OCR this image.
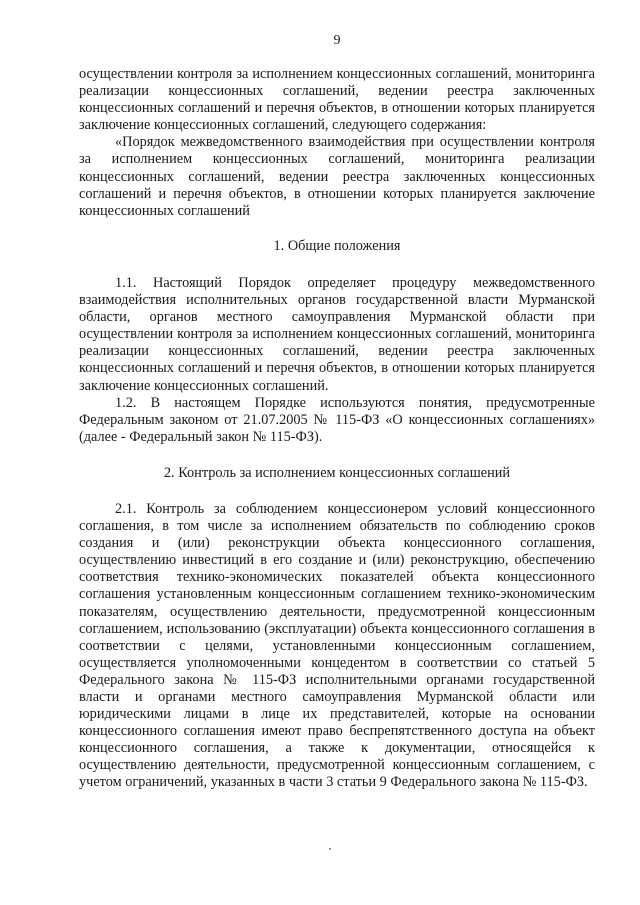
9

осуществлении контроля за исполнением концессионных соглашений, мониторинга реализации концессионных соглашений, ведении реестра заключенных концессионных соглашений и перечня объектов, в отношении которых планируется заключение концессионных соглашений, следующего содержания:

«Порядок межведомственного взаимодействия при осуществлении контроля за исполнением концессионных соглашений, мониторинга реализации концессионных соглашений, ведении реестра заключенных концессионных соглашений и перечня объектов, в отношении которых планируется заключение концессионных соглашений

1. Общие положения

1.1. Настоящий Порядок определяет процедуру межведомственного взаимодействия исполнительных органов государственной власти Мурманской области, органов местного самоуправления Мурманской области при осуществлении контроля за исполнением концессионных соглашений, мониторинга реализации концессионных соглашений, ведении реестра заключенных концессионных соглашений и перечня объектов, в отношении которых планируется заключение концессионных соглашений.

1.2. В настоящем Порядке используются понятия, предусмотренные Федеральным законом от 21.07.2005 № 115-ФЗ «О концессионных соглашениях» (далее - Федеральный закон № 115-ФЗ).

2. Контроль за исполнением концессионных соглашений

2.1. Контроль за соблюдением концессионером условий концессионного соглашения, в том числе за исполнением обязательств по соблюдению сроков создания и (или) реконструкции объекта концессионного соглашения, осуществлению инвестиций в его создание и (или) реконструкцию, обеспечению соответствия технико-экономических показателей объекта концессионного соглашения установленным концессионным соглашением технико-экономическим показателям, осуществлению деятельности, предусмотренной концессионным соглашением, использованию (эксплуатации) объекта концессионного соглашения в соответствии с целями, установленными концессионным соглашением, осуществляется уполномоченными концедентом в соответствии со статьей 5 Федерального закона № 115-ФЗ исполнительными органами государственной власти и органами местного самоуправления Мурманской области или юридическими лицами в лице их представителей, которые на основании концессионного соглашения имеют право беспрепятственного доступа на объект концессионного соглашения, а также к документации, относящейся к осуществлению деятельности, предусмотренной концессионным соглашением, с учетом ограничений, указанных в части 3 статьи 9 Федерального закона № 115-ФЗ.
